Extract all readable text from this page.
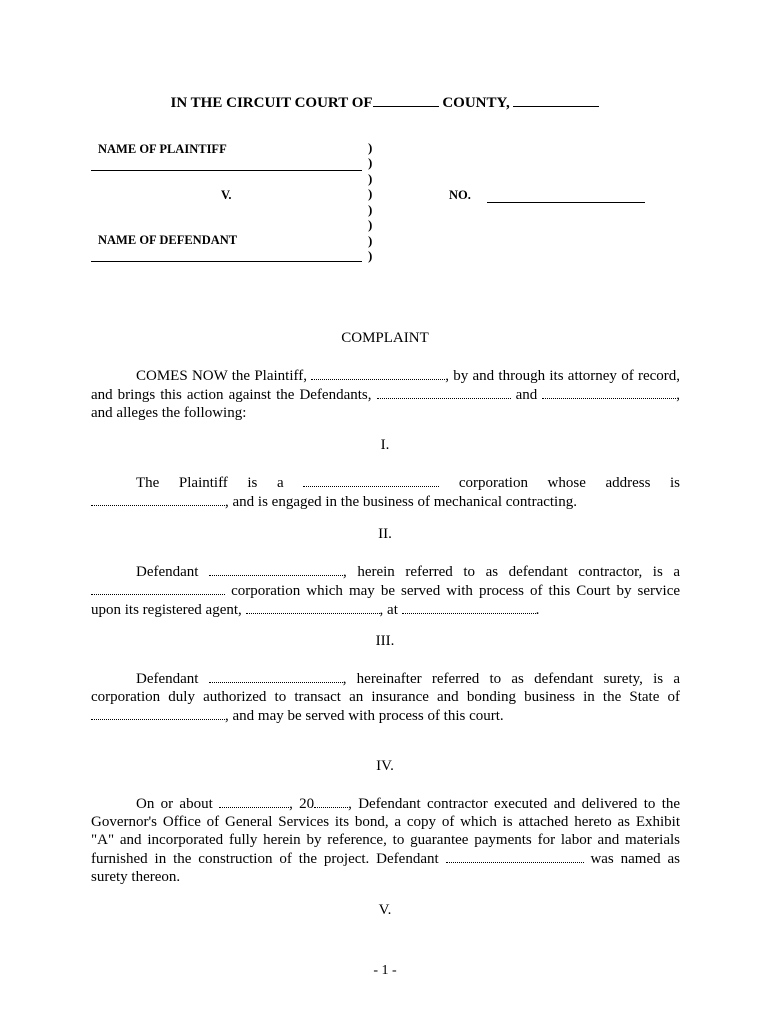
IN THE CIRCUIT COURT OF	COUNTY,
NAME OF PLAINTIFF
V.
NAME OF DEFENDANT
)
)
)
)
)
)
)
)
NO.
COMPLAINT
COMES NOW the Plaintiff,	, by and through its attorney of record,
and brings this action against the Defendants,	and	,
and alleges the following:
I.
The Plaintiff is a	corporation whose address is
, and is engaged in the business of mechanical contracting.
II.
Defendant	, herein referred to as defendant contractor, is a
corporation which may be served with process of this Court by service
upon its registered agent,	, at	.
III.
Defendant	, hereinafter referred to as defendant surety, is a
corporation duly authorized to transact an insurance and bonding business in the State of
, and may be served with process of this court.
IV.
On or about	, 20 , Defendant contractor executed and delivered to the
Governor's Office of General Services its bond, a copy of which is attached hereto as Exhibit
"A" and incorporated fully herein by reference, to guarantee payments for labor and materials
furnished in the construction of the project. Defendant	was named as
surety thereon.
V.
- 1 -
